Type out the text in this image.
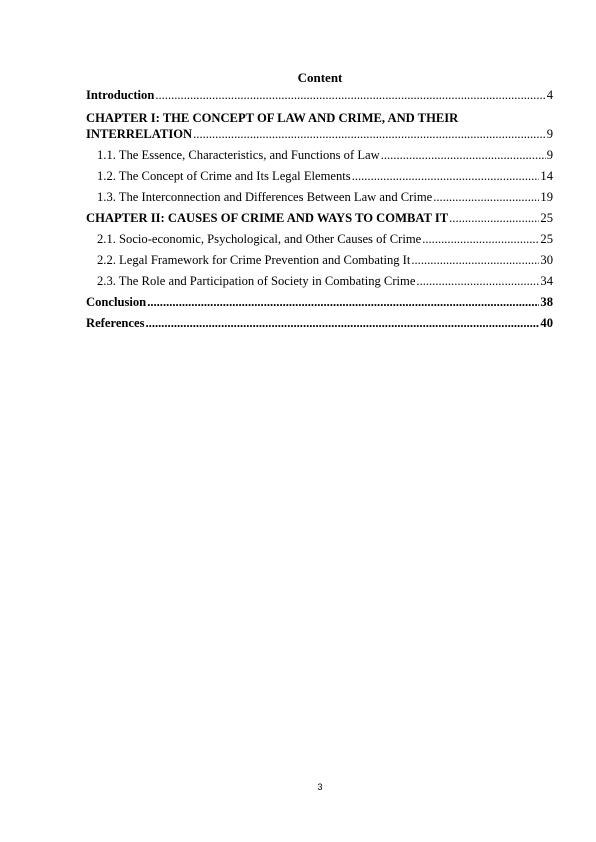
Content
Introduction .....	4
CHAPTER I: THE CONCEPT OF LAW AND CRIME, AND THEIR
INTERRELATION .....	9
1.1. The Essence, Characteristics, and Functions of Law .....	9
1.2. The Concept of Crime and Its Legal Elements .....	14
1.3. The Interconnection and Differences Between Law and Crime .....	19
CHAPTER II: CAUSES OF CRIME AND WAYS TO COMBAT IT .....	25
2.1. Socio-economic, Psychological, and Other Causes of Crime .....	25
2.2. Legal Framework for Crime Prevention and Combating It .....	30
2.3. The Role and Participation of Society in Combating Crime .....	34
Conclusion .....	38
References .....	40
3
